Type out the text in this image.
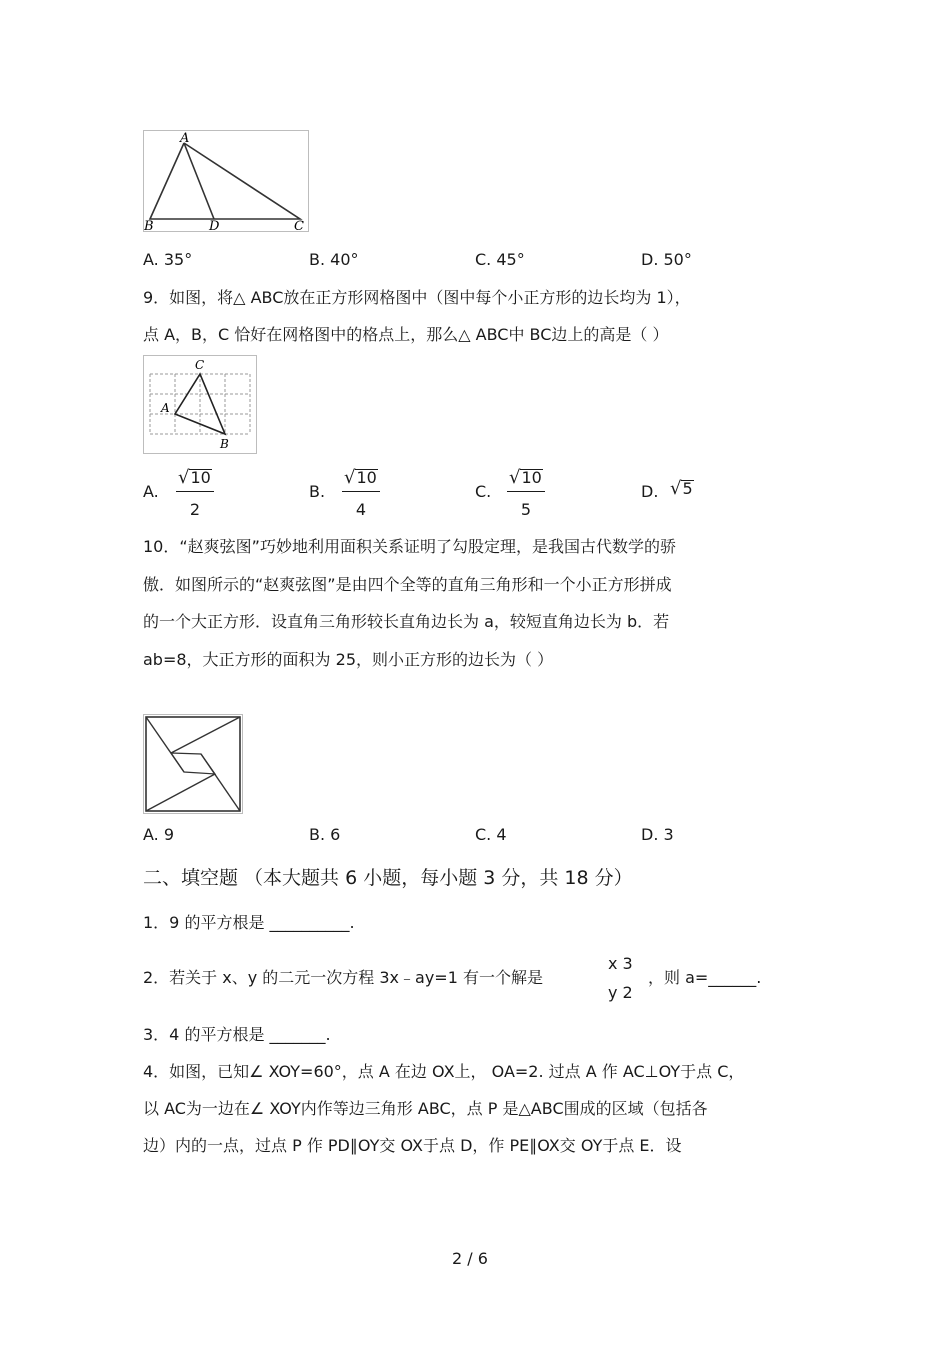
A
B	D	C
A. 35°	B. 40°	C. 45°	D. 50°
9．如图，将△ ABC放在正方形网格图中（图中每个小正方形的边长均为 1），
点 A，B，C 恰好在网格图中的格点上，那么△ ABC中 BC边上的高是（ ）
C
A
B
A. $\frac{√ 10}{2}$	B. $\frac{√ 10}{4}$	C. $\frac{√ 10}{5}$	D. √ 5
10．“赵爽弦图”巧妙地利用面积关系证明了勾股定理，是我国古代数学的骄
傲．如图所示的“赵爽弦图”是由四个全等的直角三角形和一个小正方形拼成
的一个大正方形．设直角三角形较长直角边长为 a，较短直角边长为 b．若
ab=8，大正方形的面积为 25，则小正方形的边长为（ ）
A. 9	B. 6	C. 4	D. 3
二、填空题 （本大题共 6 小题，每小题 3 分，共 18 分）
1．9 的平方根是 __________.
2．若关于 x、y 的二元一次方程 3x﹣ay=1 有一个解是
x 3
y 2
，则 a=______.
3．4 的平方根是 _______.
4．如图，已知∠ XOY=60°，点 A 在边 OX上， OA=2. 过点 A 作 AC⊥OY于点 C，
以 AC为一边在∠ XOY内作等边三角形 ABC，点 P 是△ABC围成的区域（包括各
边）内的一点，过点 P 作 PD∥OY交 OX于点 D，作 PE∥OX交 OY于点 E．设
2 / 6
